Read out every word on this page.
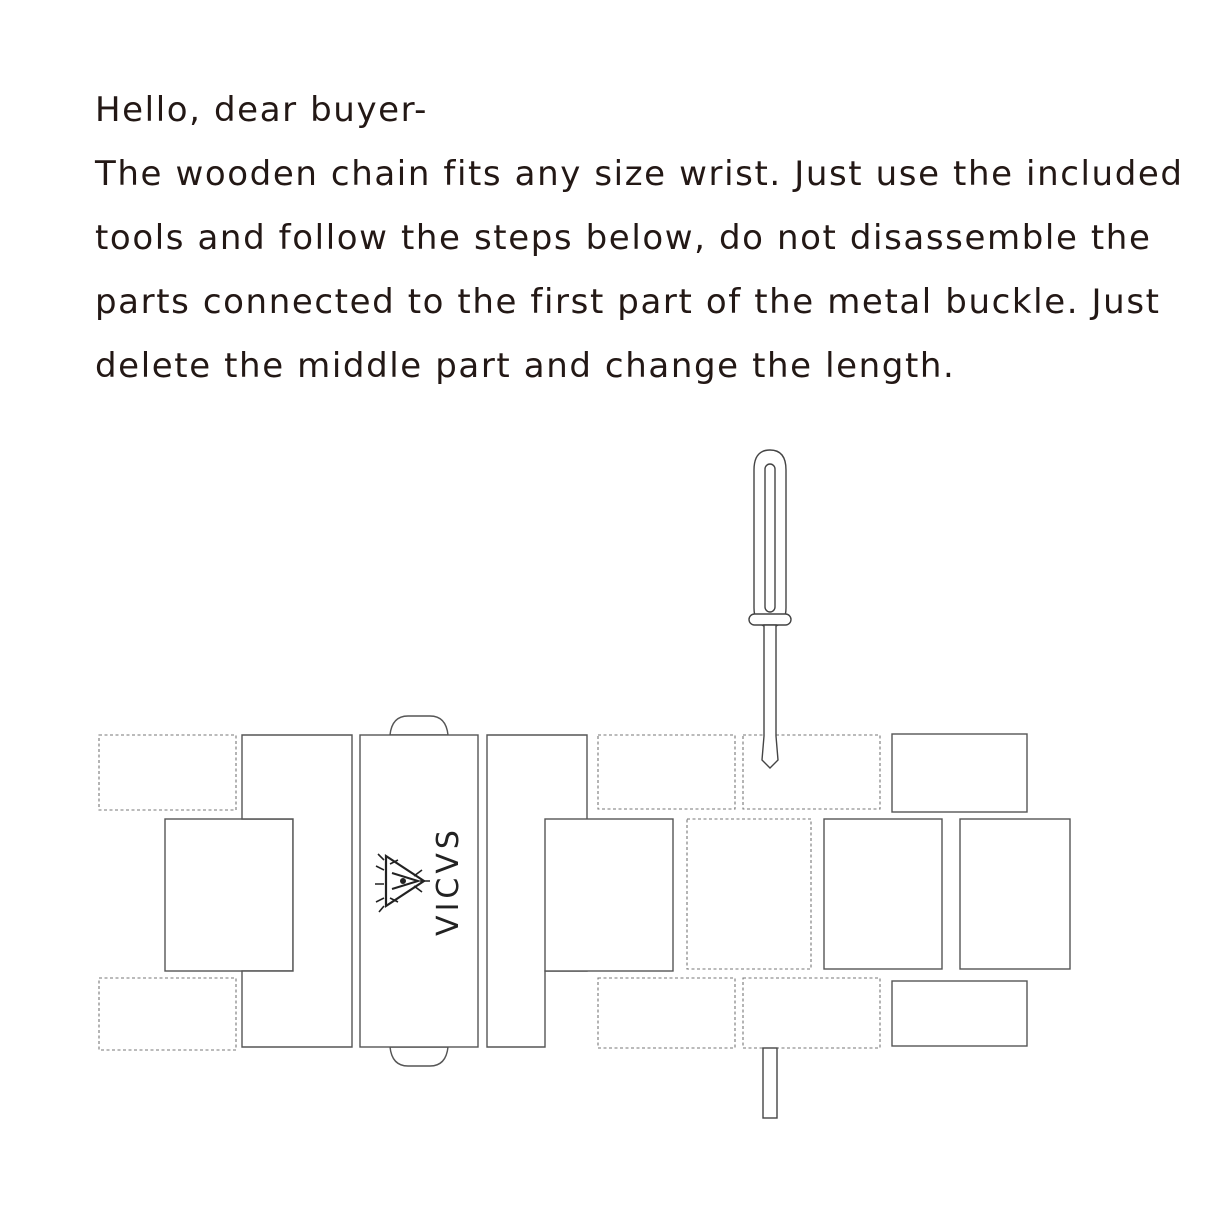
Hello, dear buyer-

The wooden chain fits any size wrist. Just use the included

tools and follow the steps below, do not disassemble the

parts connected to the first part of the metal buckle. Just

delete the middle part and change the length.

VICVS
